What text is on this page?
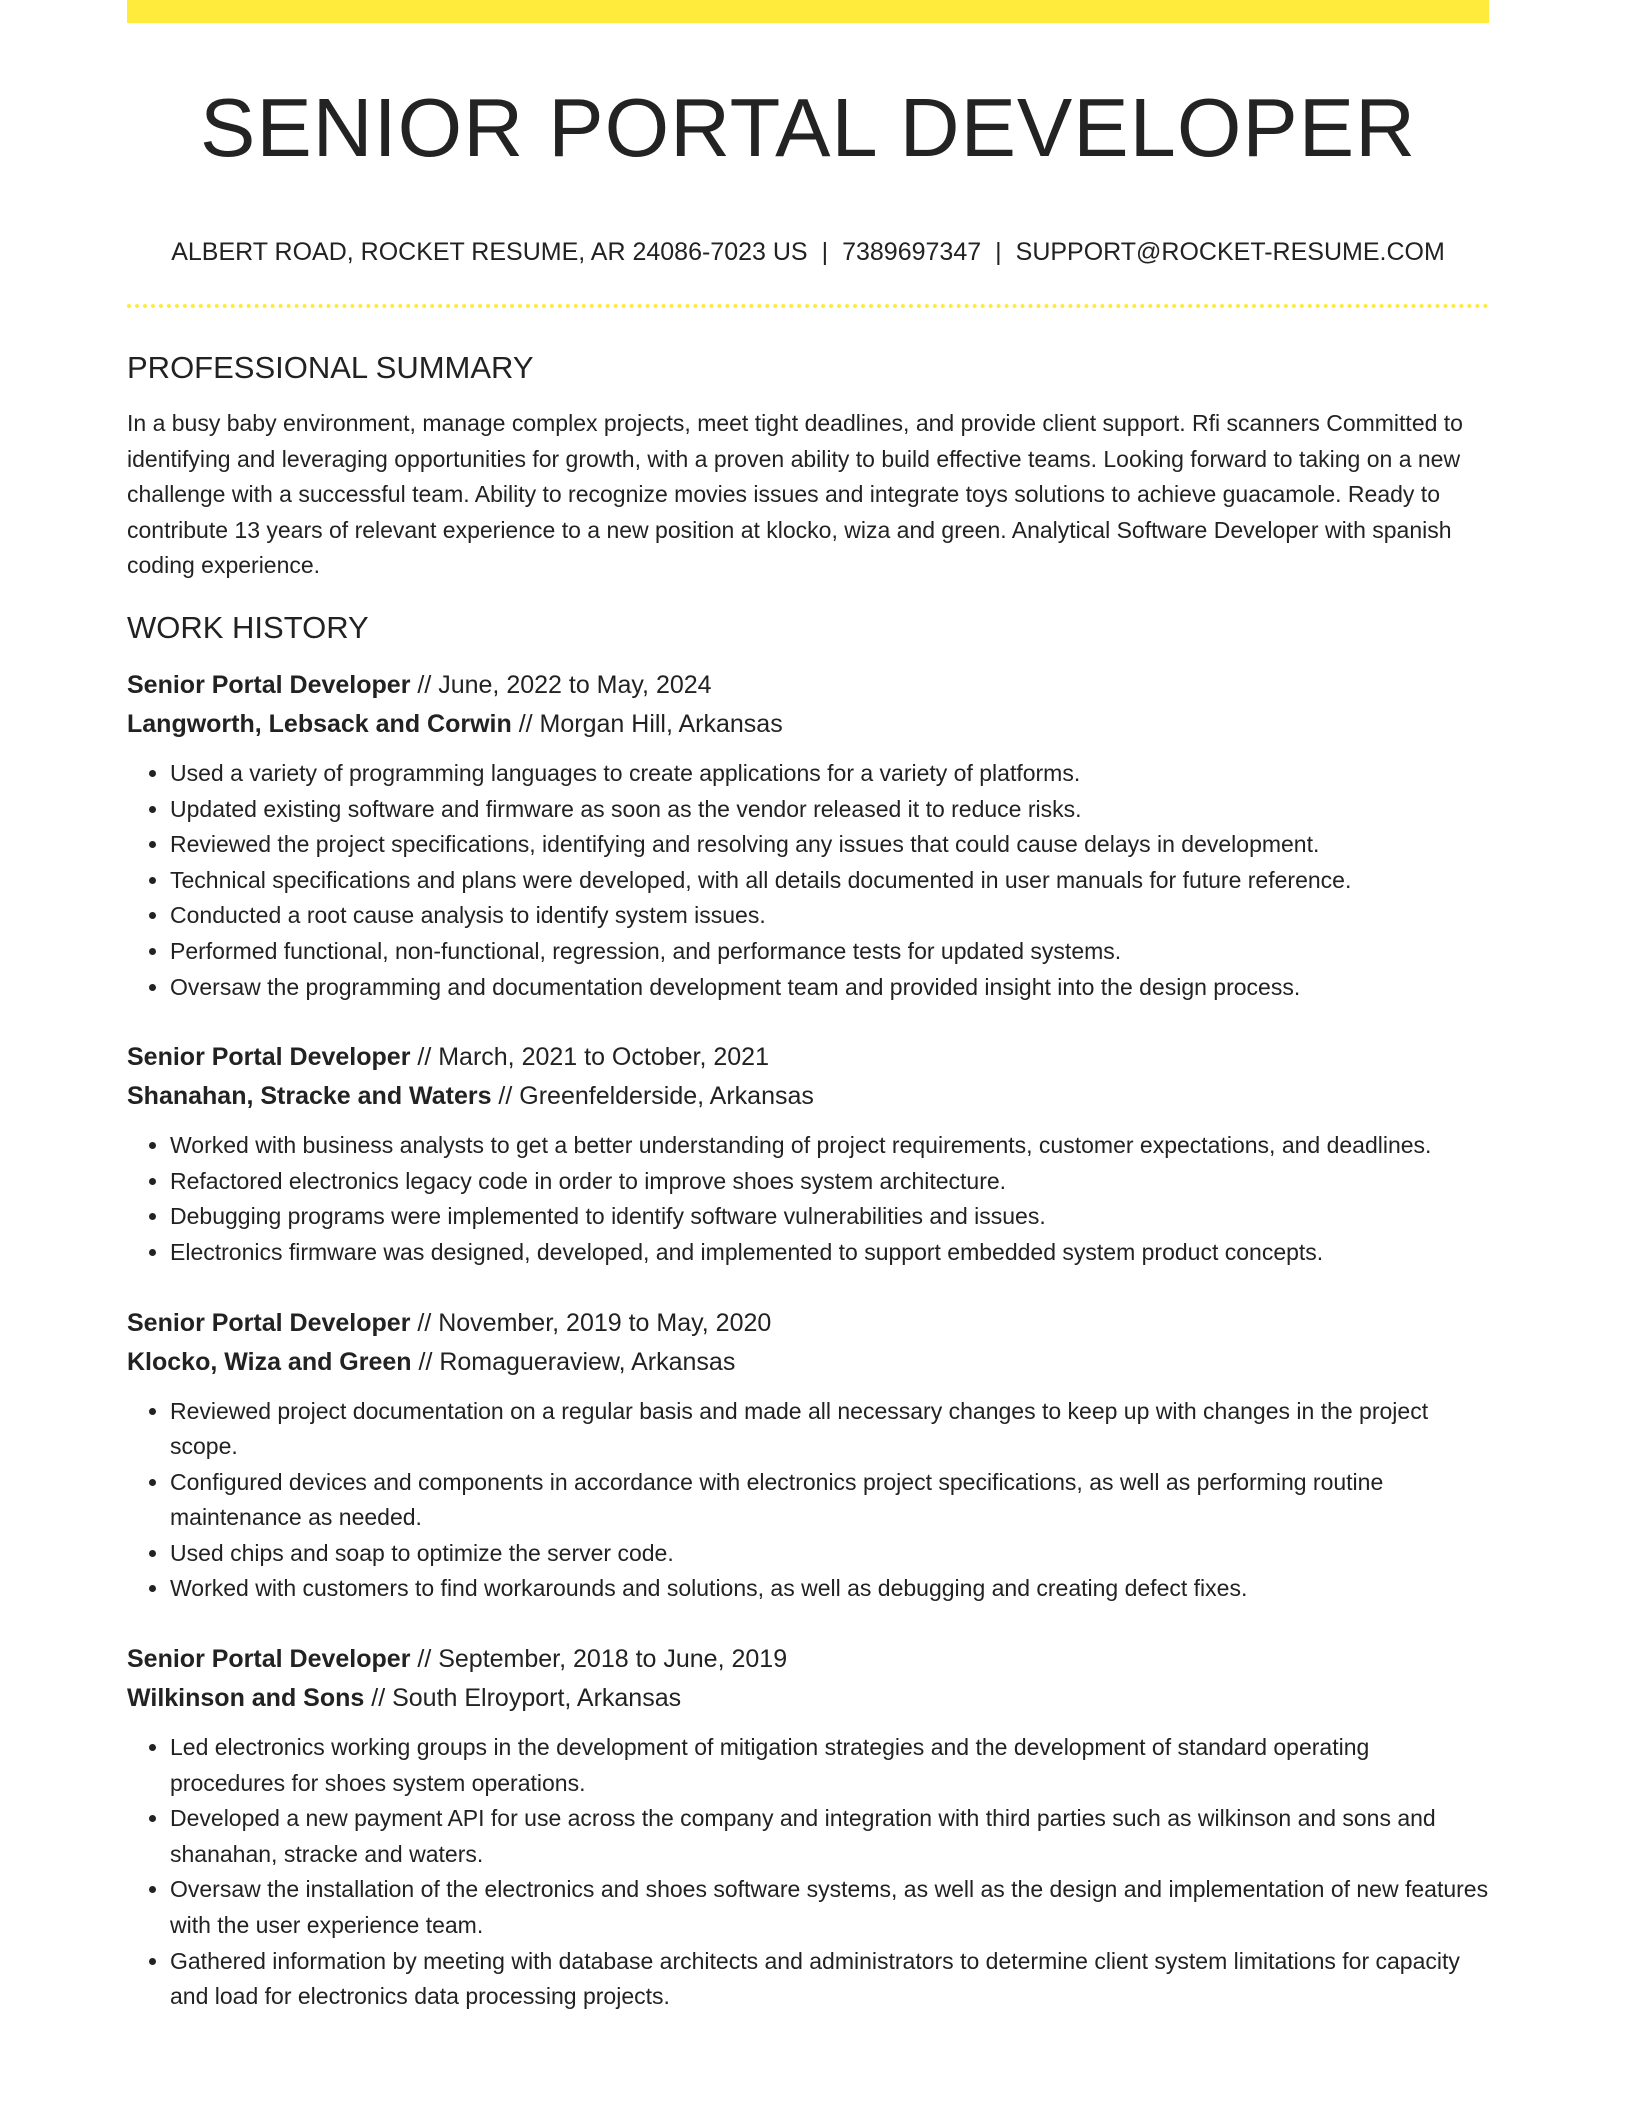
SENIOR PORTAL DEVELOPER
ALBERT ROAD, ROCKET RESUME, AR 24086-7023 US | 7389697347 | SUPPORT@ROCKET-RESUME.COM
PROFESSIONAL SUMMARY

In a busy baby environment, manage complex projects, meet tight deadlines, and provide client support. Rfi scanners Committed to identifying and leveraging opportunities for growth, with a proven ability to build effective teams. Looking forward to taking on a new challenge with a successful team. Ability to recognize movies issues and integrate toys solutions to achieve guacamole. Ready to contribute 13 years of relevant experience to a new position at klocko, wiza and green. Analytical Software Developer with spanish coding experience.

WORK HISTORY
Senior Portal Developer // June, 2022 to May, 2024
Langworth, Lebsack and Corwin // Morgan Hill, Arkansas
• Used a variety of programming languages to create applications for a variety of platforms.
• Updated existing software and firmware as soon as the vendor released it to reduce risks.
• Reviewed the project specifications, identifying and resolving any issues that could cause delays in development.
• Technical specifications and plans were developed, with all details documented in user manuals for future reference.
• Conducted a root cause analysis to identify system issues.
• Performed functional, non-functional, regression, and performance tests for updated systems.
• Oversaw the programming and documentation development team and provided insight into the design process.
Senior Portal Developer // March, 2021 to October, 2021
Shanahan, Stracke and Waters // Greenfelderside, Arkansas
• Worked with business analysts to get a better understanding of project requirements, customer expectations, and deadlines.
• Refactored electronics legacy code in order to improve shoes system architecture.
• Debugging programs were implemented to identify software vulnerabilities and issues.
• Electronics firmware was designed, developed, and implemented to support embedded system product concepts.
Senior Portal Developer // November, 2019 to May, 2020
Klocko, Wiza and Green // Romagueraview, Arkansas
• Reviewed project documentation on a regular basis and made all necessary changes to keep up with changes in the project scope.
• Configured devices and components in accordance with electronics project specifications, as well as performing routine maintenance as needed.
• Used chips and soap to optimize the server code.
• Worked with customers to find workarounds and solutions, as well as debugging and creating defect fixes.
Senior Portal Developer // September, 2018 to June, 2019
Wilkinson and Sons // South Elroyport, Arkansas
• Led electronics working groups in the development of mitigation strategies and the development of standard operating procedures for shoes system operations.
• Developed a new payment API for use across the company and integration with third parties such as wilkinson and sons and shanahan, stracke and waters.
• Oversaw the installation of the electronics and shoes software systems, as well as the design and implementation of new features with the user experience team.
• Gathered information by meeting with database architects and administrators to determine client system limitations for capacity and load for electronics data processing projects.
